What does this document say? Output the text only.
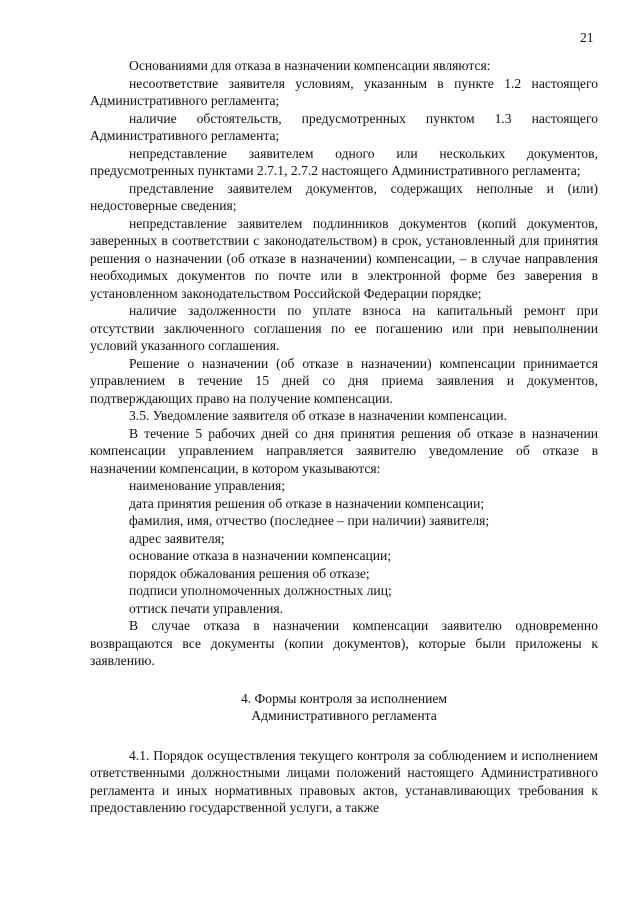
21

Основаниями для отказа в назначении компенсации являются:

несоответствие заявителя условиям, указанным в пункте 1.2 настоящего Административного регламента;

наличие обстоятельств, предусмотренных пунктом 1.3 настоящего Административного регламента;

непредставление заявителем одного или нескольких документов, предусмотренных пунктами 2.7.1, 2.7.2 настоящего Административного регламента;

представление заявителем документов, содержащих неполные и (или) недостоверные сведения;

непредставление заявителем подлинников документов (копий документов, заверенных в соответствии с законодательством) в срок, установленный для принятия решения о назначении (об отказе в назначении) компенсации, – в случае направления необходимых документов по почте или в электронной форме без заверения в установленном законодательством Российской Федерации порядке;

наличие задолженности по уплате взноса на капитальный ремонт при отсутствии заключенного соглашения по ее погашению или при невыполнении условий указанного соглашения.

Решение о назначении (об отказе в назначении) компенсации принимается управлением в течение 15 дней со дня приема заявления и документов, подтверждающих право на получение компенсации.

3.5. Уведомление заявителя об отказе в назначении компенсации.

В течение 5 рабочих дней со дня принятия решения об отказе в назначении компенсации управлением направляется заявителю уведомление об отказе в назначении компенсации, в котором указываются:

наименование управления;

дата принятия решения об отказе в назначении компенсации;

фамилия, имя, отчество (последнее – при наличии) заявителя;

адрес заявителя;

основание отказа в назначении компенсации;

порядок обжалования решения об отказе;

подписи уполномоченных должностных лиц;

оттиск печати управления.

В случае отказа в назначении компенсации заявителю одновременно возвращаются все документы (копии документов), которые были приложены к заявлению.

4. Формы контроля за исполнением
Административного регламента

4.1. Порядок осуществления текущего контроля за соблюдением и исполнением ответственными должностными лицами положений настоящего Административного регламента и иных нормативных правовых актов, устанавливающих требования к предоставлению государственной услуги, а также
